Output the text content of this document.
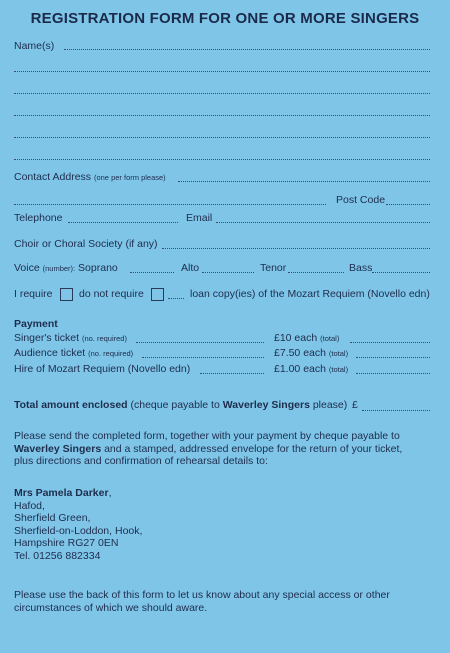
REGISTRATION FORM FOR ONE OR MORE SINGERS
Name(s)
Contact Address (one per form please)
Post Code
Telephone	Email
Choir or Choral Society (if any)
Voice (number): Soprano	Alto	Tenor	Bass
I require	do not require	loan copy(ies) of the Mozart Requiem (Novello edn)
Payment
Singer's ticket (no. required)	£10 each (total)
Audience ticket (no. required)	£7.50 each (total)
Hire of Mozart Requiem (Novello edn)	£1.00 each (total)
Total amount enclosed (cheque payable to Waverley Singers please) £
Please send the completed form, together with your payment by cheque payable to
Waverley Singers and a stamped, addressed envelope for the return of your ticket,
plus directions and confirmation of rehearsal details to:
Mrs Pamela Darker,
Hafod,
Sherfield Green,
Sherfield-on-Loddon, Hook,
Hampshire RG27 0EN
Tel. 01256 882334
Please use the back of this form to let us know about any special access or other
circumstances of which we should aware.
